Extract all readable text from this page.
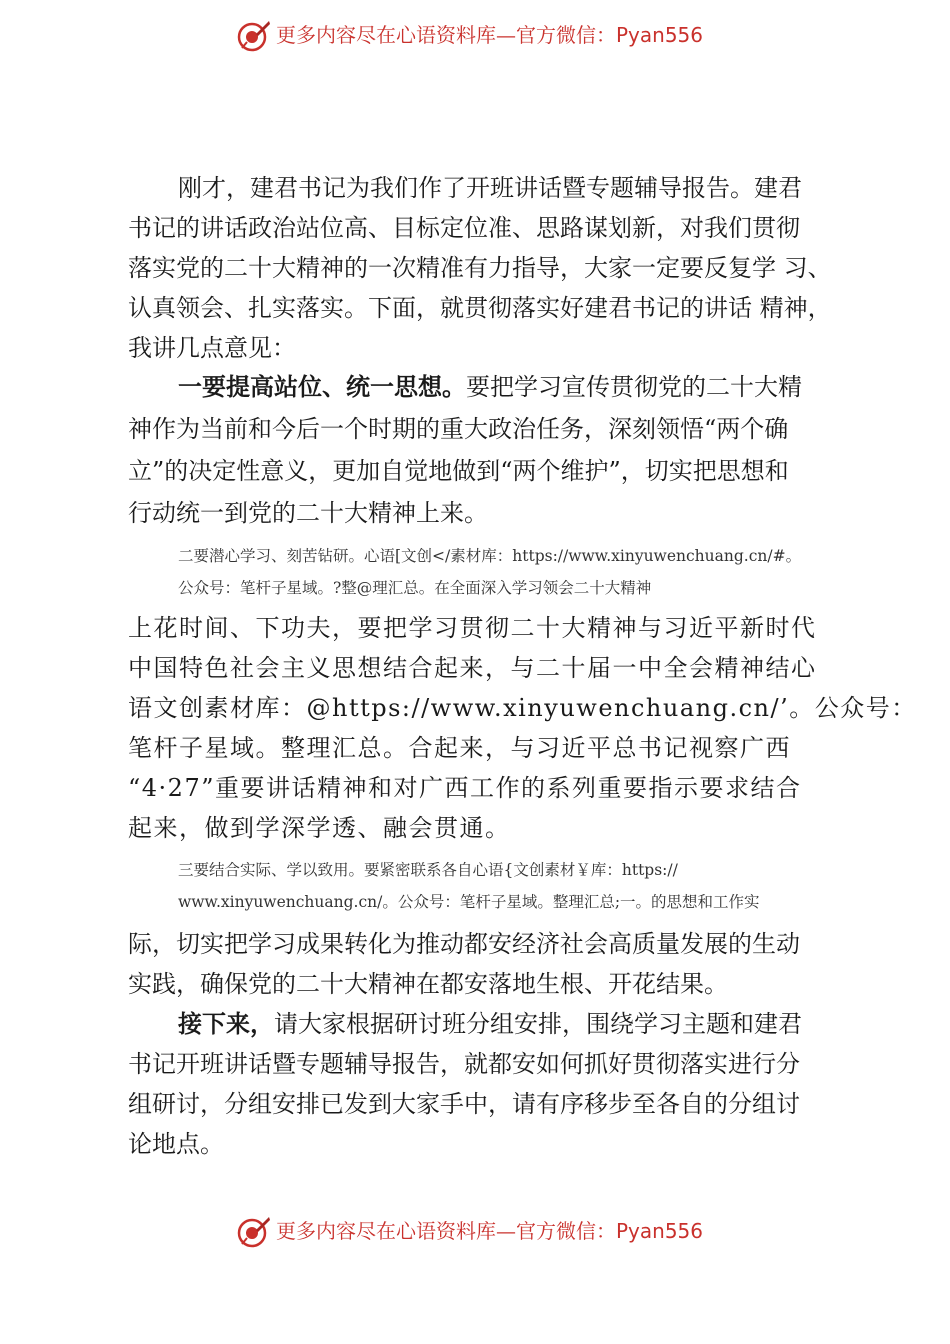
更多内容尽在心语资料库—官方微信：Pyan556
刚才，建君书记为我们作了开班讲话暨专题辅导报告。建君
书记的讲话政治站位高、目标定位准、思路谋划新，对我们贯彻
落实党的二十大精神的一次精准有力指导，大家一定要反复学 习、
认真领会、扎实落实。下面，就贯彻落实好建君书记的讲话 精神，
我讲几点意见：
一要提高站位、统一思想。要把学习宣传贯彻党的二十大精
神作为当前和今后一个时期的重大政治任务，深刻领悟“两个确
立”的决定性意义，更加自觉地做到“两个维护”，切实把思想和
行动统一到党的二十大精神上来。
二要潜心学习、刻苦钻研。心语[文创</素材库：https://www.xinyuwenchuang.cn/#。
公众号：笔杆子星域。?整@理汇总。在全面深入学习领会二十大精神
上花时间、下功夫，要把学习贯彻二十大精神与习近平新时代
中国特色社会主义思想结合起来，与二十届一中全会精神结心
语文创素材库：@https://www.xinyuwenchuang.cn/’。公众号：
笔杆子星域。整理汇总。合起来，与习近平总书记视察广西
“4·27”重要讲话精神和对广西工作的系列重要指示要求结合
起来，做到学深学透、融会贯通。
三要结合实际、学以致用。要紧密联系各自心语{文创素材￥库：https://
www.xinyuwenchuang.cn/。公众号：笔杆子星域。整理汇总;一。的思想和工作实
际，切实把学习成果转化为推动都安经济社会高质量发展的生动
实践，确保党的二十大精神在都安落地生根、开花结果。
接下来，请大家根据研讨班分组安排，围绕学习主题和建君
书记开班讲话暨专题辅导报告，就都安如何抓好贯彻落实进行分
组研讨，分组安排已发到大家手中，请有序移步至各自的分组讨
论地点。
更多内容尽在心语资料库—官方微信：Pyan556
